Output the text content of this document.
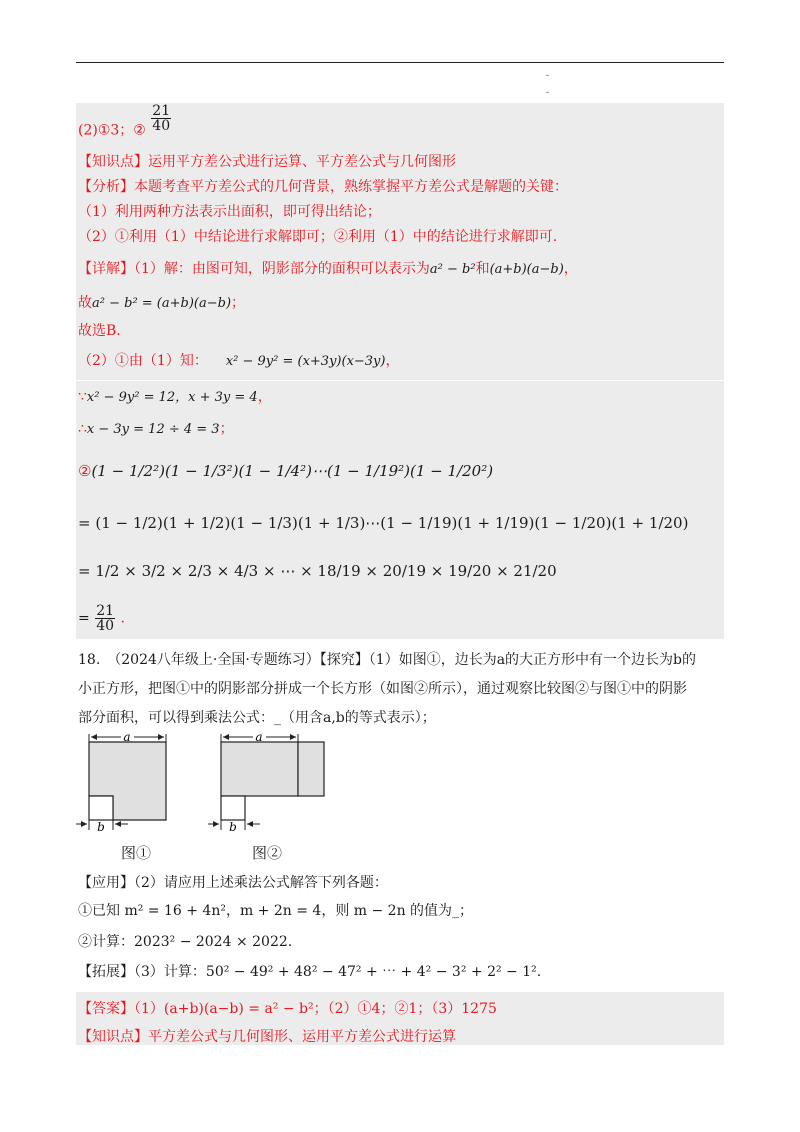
-
-
(2)①3；② $\frac{21}{40}$
【知识点】运用平方差公式进行运算、平方差公式与几何图形
【分析】本题考查平方差公式的几何背景，熟练掌握平方差公式是解题的关键：
（1）利用两种方法表示出面积，即可得出结论；
（2）①利用（1）中结论进行求解即可；②利用（1）中的结论进行求解即可.
【详解】（1）解：由图可知，阴影部分的面积可以表示为a² − b²和(a+b)(a−b)，
故a² − b² = (a+b)(a−b)；
故选B.
（2）①由（1）知： x² − 9y² = (x+3y)(x−3y)，
∵x² − 9y² = 12，x + 3y = 4，
∴x − 3y = 12 ÷ 4 = 3；
②(1 − 1/2²)(1 − 1/3²)(1 − 1/4²)⋯(1 − 1/19²)(1 − 1/20²)
= (1 − 1/2)(1 + 1/2)(1 − 1/3)(1 + 1/3)⋯(1 − 1/19)(1 + 1/19)(1 − 1/20)(1 + 1/20)
= 1/2 × 3/2 × 2/3 × 4/3 × ⋯ × 18/19 × 20/19 × 19/20 × 21/20
= $\frac{21}{40}$ .
18.　（2024八年级上·全国·专题练习）【探究】（1）如图①，边长为a的大正方形中有一个边长为b的
小正方形，把图①中的阴影部分拼成一个长方形（如图②所示），通过观察比较图②与图①中的阴影
部分面积，可以得到乘法公式：_（用含a,b的等式表示）；
a
b
a
b
图①	图②
【应用】（2）请应用上述乘法公式解答下列各题：
①已知 m² = 16 + 4n²，m + 2n = 4，则 m − 2n 的值为_；
②计算：2023² − 2024 × 2022.
【拓展】（3）计算：50² − 49² + 48² − 47² + ⋯ + 4² − 3² + 2² − 1².
【答案】（1）(a+b)(a−b) = a² − b²；（2）①4；②1；（3）1275
【知识点】平方差公式与几何图形、运用平方差公式进行运算
